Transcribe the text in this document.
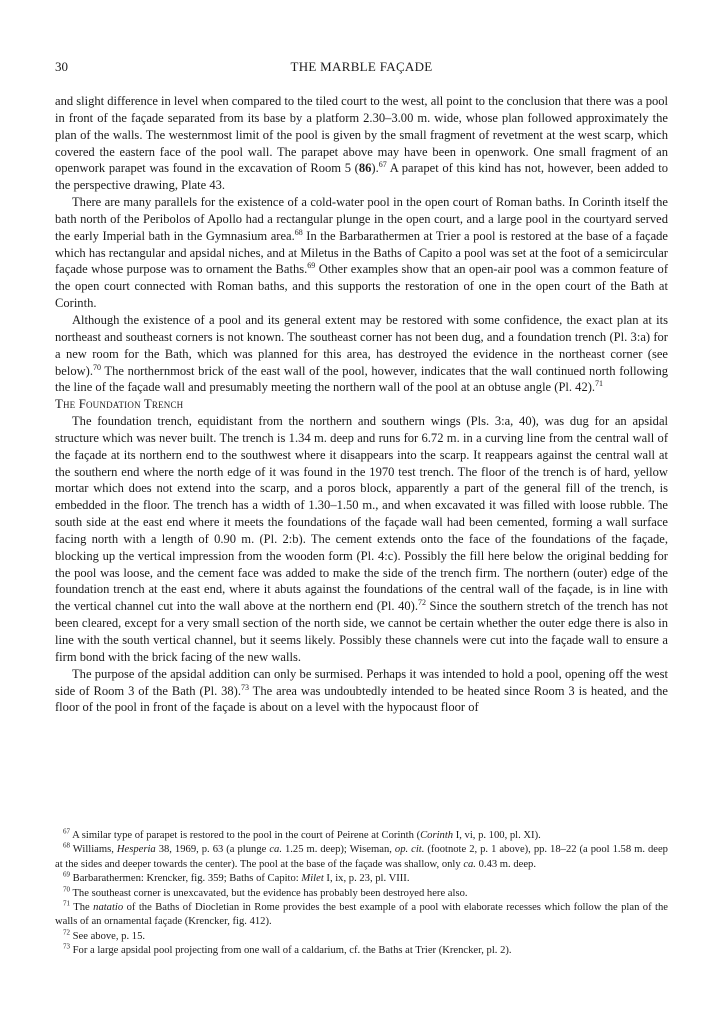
30	THE MARBLE FAÇADE

and slight difference in level when compared to the tiled court to the west, all point to the conclusion that there was a pool in front of the façade separated from its base by a platform 2.30–3.00 m. wide, whose plan followed approximately the plan of the walls. The westernmost limit of the pool is given by the small fragment of revetment at the west scarp, which covered the eastern face of the pool wall. The parapet above may have been in openwork. One small fragment of an openwork parapet was found in the excavation of Room 5 (86).$^{67}$ A parapet of this kind has not, however, been added to the perspective drawing, Plate 43.

There are many parallels for the existence of a cold-water pool in the open court of Roman baths. In Corinth itself the bath north of the Peribolos of Apollo had a rectangular plunge in the open court, and a large pool in the courtyard served the early Imperial bath in the Gymnasium area.$^{68}$ In the Barbarathermen at Trier a pool is restored at the base of a façade which has rectangular and apsidal niches, and at Miletus in the Baths of Capito a pool was set at the foot of a semicircular façade whose purpose was to ornament the Baths.$^{69}$ Other examples show that an open-air pool was a common feature of the open court connected with Roman baths, and this supports the restoration of one in the open court of the Bath at Corinth.

Although the existence of a pool and its general extent may be restored with some confidence, the exact plan at its northeast and southeast corners is not known. The southeast corner has not been dug, and a foundation trench (Pl. 3:a) for a new room for the Bath, which was planned for this area, has destroyed the evidence in the northeast corner (see below).$^{70}$ The northernmost brick of the east wall of the pool, however, indicates that the wall continued north following the line of the façade wall and presumably meeting the northern wall of the pool at an obtuse angle (Pl. 42).$^{71}$

The Foundation Trench

The foundation trench, equidistant from the northern and southern wings (Pls. 3:a, 40), was dug for an apsidal structure which was never built. The trench is 1.34 m. deep and runs for 6.72 m. in a curving line from the central wall of the façade at its northern end to the southwest where it disappears into the scarp. It reappears against the central wall at the southern end where the north edge of it was found in the 1970 test trench. The floor of the trench is of hard, yellow mortar which does not extend into the scarp, and a poros block, apparently a part of the general fill of the trench, is embedded in the floor. The trench has a width of 1.30–1.50 m., and when excavated it was filled with loose rubble. The south side at the east end where it meets the foundations of the façade wall had been cemented, forming a wall surface facing north with a length of 0.90 m. (Pl. 2:b). The cement extends onto the face of the foundations of the façade, blocking up the vertical impression from the wooden form (Pl. 4:c). Possibly the fill here below the original bedding for the pool was loose, and the cement face was added to make the side of the trench firm. The northern (outer) edge of the foundation trench at the east end, where it abuts against the foundations of the central wall of the façade, is in line with the vertical channel cut into the wall above at the northern end (Pl. 40).$^{72}$ Since the southern stretch of the trench has not been cleared, except for a very small section of the north side, we cannot be certain whether the outer edge there is also in line with the south vertical channel, but it seems likely. Possibly these channels were cut into the façade wall to ensure a firm bond with the brick facing of the new walls.

The purpose of the apsidal addition can only be surmised. Perhaps it was intended to hold a pool, opening off the west side of Room 3 of the Bath (Pl. 38).$^{73}$ The area was undoubtedly intended to be heated since Room 3 is heated, and the floor of the pool in front of the façade is about on a level with the hypocaust floor of

$^{67}$ A similar type of parapet is restored to the pool in the court of Peirene at Corinth (Corinth I, vi, p. 100, pl. XI).

$^{68}$ Williams, Hesperia 38, 1969, p. 63 (a plunge ca. 1.25 m. deep); Wiseman, op. cit. (footnote 2, p. 1 above), pp. 18–22 (a pool 1.58 m. deep at the sides and deeper towards the center). The pool at the base of the façade was shallow, only ca. 0.43 m. deep.

$^{69}$ Barbarathermen: Krencker, fig. 359; Baths of Capito: Milet I, ix, p. 23, pl. VIII.

$^{70}$ The southeast corner is unexcavated, but the evidence has probably been destroyed here also.

$^{71}$ The natatio of the Baths of Diocletian in Rome provides the best example of a pool with elaborate recesses which follow the plan of the walls of an ornamental façade (Krencker, fig. 412).

$^{72}$ See above, p. 15.

$^{73}$ For a large apsidal pool projecting from one wall of a caldarium, cf. the Baths at Trier (Krencker, pl. 2).
